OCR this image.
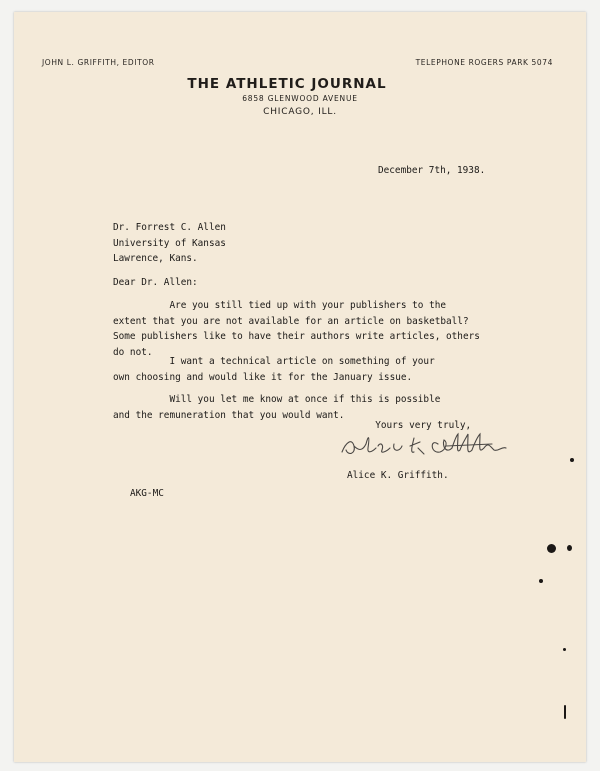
JOHN L. GRIFFITH, EDITOR	TELEPHONE ROGERS PARK 5074
THE ATHLETIC JOURNAL
6858 GLENWOOD AVENUE
CHICAGO, ILL.
December 7th, 1938.
Dr. Forrest C. Allen
University of Kansas
Lawrence, Kans.
Dear Dr. Allen:
Are you still tied up with your publishers to the
extent that you are not available for an article on basketball?
Some publishers like to have their authors write articles, others
do not.
I want a technical article on something of your
own choosing and would like it for the January issue.
Will you let me know at once if this is possible
and the remuneration that you would want.
Yours very truly,
Alice K. Griffith.
AKG-MC
